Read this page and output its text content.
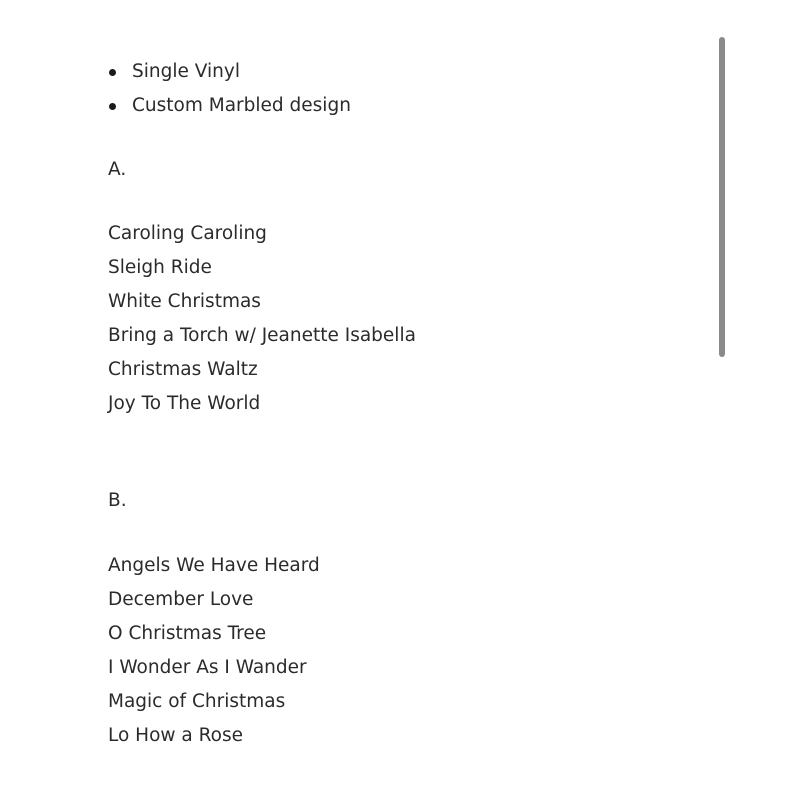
Single Vinyl
Custom Marbled design
A.
Caroling Caroling
Sleigh Ride
White Christmas
Bring a Torch w/ Jeanette Isabella
Christmas Waltz
Joy To The World
B.
Angels We Have Heard
December Love
O Christmas Tree
I Wonder As I Wander
Magic of Christmas
Lo How a Rose
